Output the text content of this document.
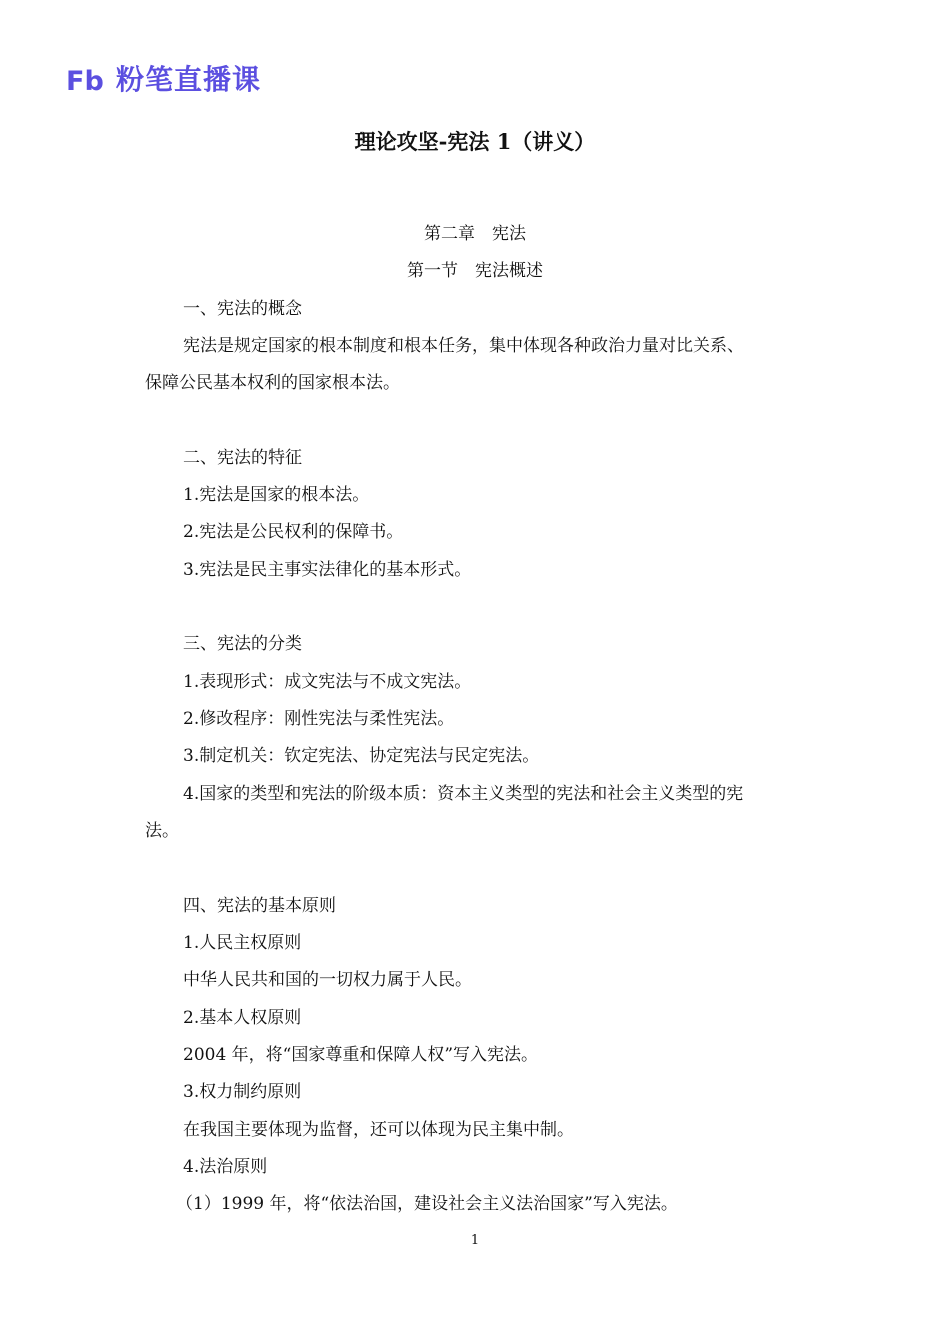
Fb 粉笔直播课
理论攻坚-宪法 1（讲义）
第二章　宪法
第一节　宪法概述
一、宪法的概念
宪法是规定国家的根本制度和根本任务，集中体现各种政治力量对比关系、
保障公民基本权利的国家根本法。
二、宪法的特征
1.宪法是国家的根本法。
2.宪法是公民权利的保障书。
3.宪法是民主事实法律化的基本形式。
三、宪法的分类
1.表现形式：成文宪法与不成文宪法。
2.修改程序：刚性宪法与柔性宪法。
3.制定机关：钦定宪法、协定宪法与民定宪法。
4.国家的类型和宪法的阶级本质：资本主义类型的宪法和社会主义类型的宪
法。
四、宪法的基本原则
1.人民主权原则
中华人民共和国的一切权力属于人民。
2.基本人权原则
2004 年，将“国家尊重和保障人权”写入宪法。
3.权力制约原则
在我国主要体现为监督，还可以体现为民主集中制。
4.法治原则
（1）1999 年，将“依法治国，建设社会主义法治国家”写入宪法。
1
